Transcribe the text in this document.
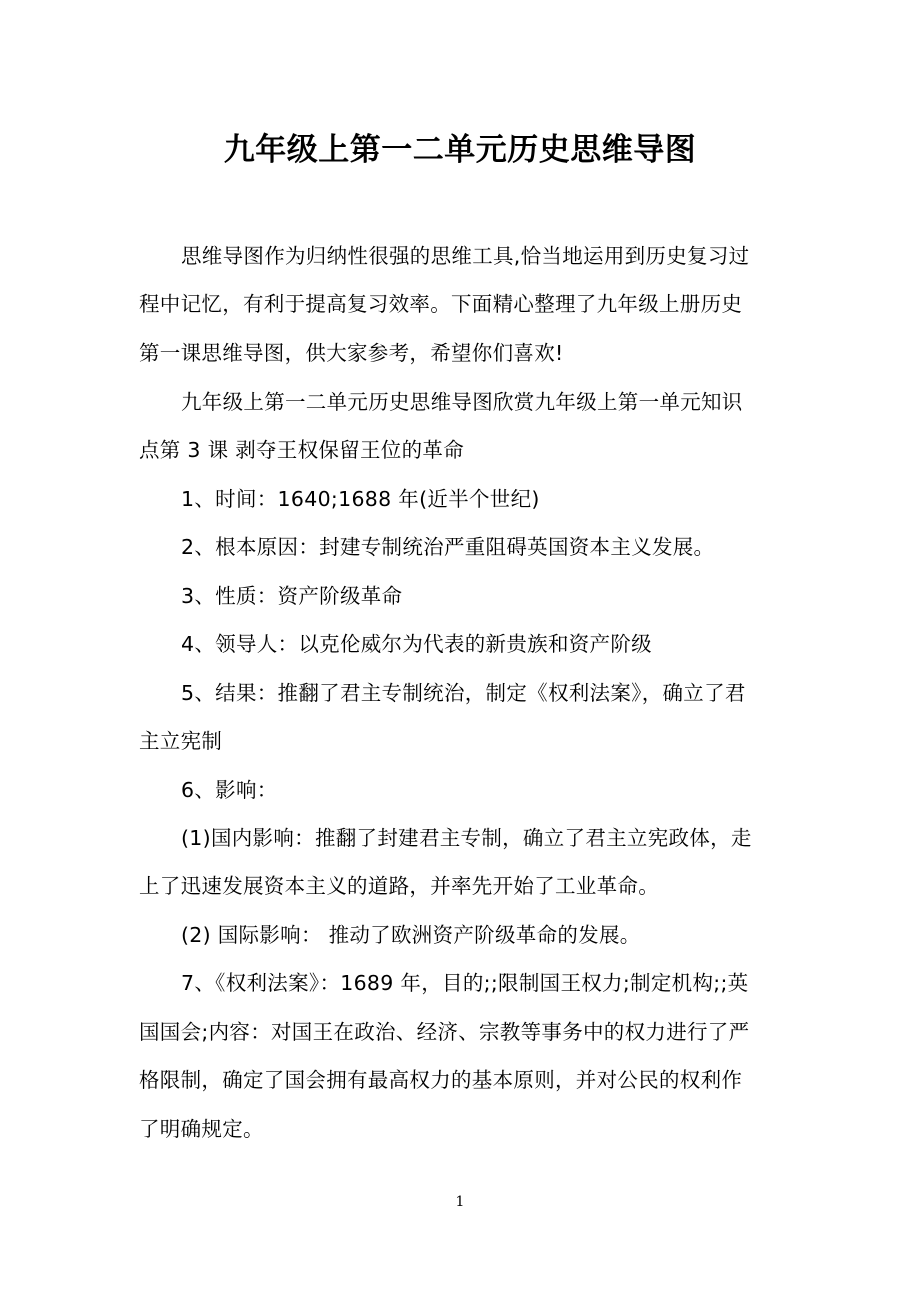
九年级上第一二单元历史思维导图
思维导图作为归纳性很强的思维工具,恰当地运用到历史复习过
程中记忆，有利于提高复习效率。下面精心整理了九年级上册历史
第一课思维导图，供大家参考，希望你们喜欢!
九年级上第一二单元历史思维导图欣赏九年级上第一单元知识
点第 3 课 剥夺王权保留王位的革命
1、时间：1640;1688 年(近半个世纪)
2、根本原因：封建专制统治严重阻碍英国资本主义发展。
3、性质：资产阶级革命
4、领导人：以克伦威尔为代表的新贵族和资产阶级
5、结果：推翻了君主专制统治，制定《权利法案》，确立了君
主立宪制
6、影响：
(1)国内影响：推翻了封建君主专制，确立了君主立宪政体，走
上了迅速发展资本主义的道路，并率先开始了工业革命。
(2) 国际影响： 推动了欧洲资产阶级革命的发展。
7、《权利法案》：1689 年，目的;;限制国王权力;制定机构;;英
国国会;内容：对国王在政治、经济、宗教等事务中的权力进行了严
格限制，确定了国会拥有最高权力的基本原则，并对公民的权利作
了明确规定。
1
